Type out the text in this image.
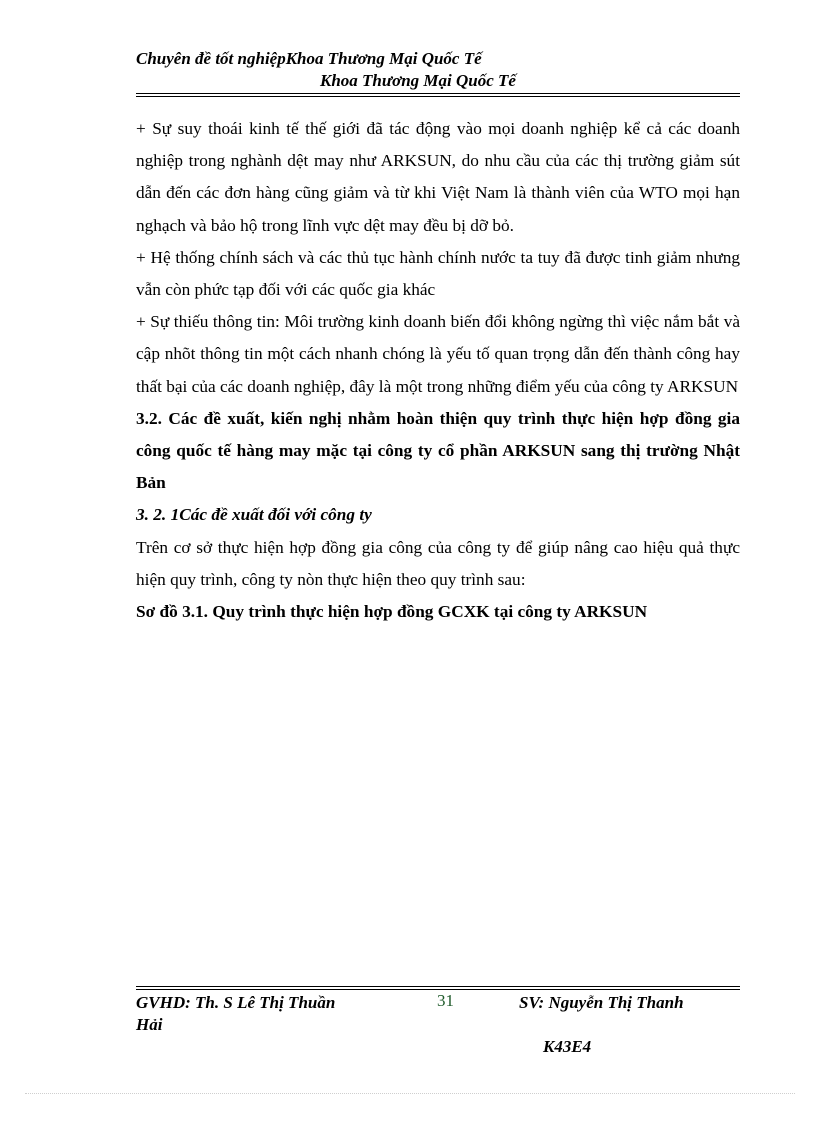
Chuyên đề tốt nghiệpKhoa Thương Mại Quốc Tế
Khoa Thương Mại Quốc Tế

+ Sự suy thoái kinh tế thế giới đã tác động vào mọi doanh nghiệp kể cả các doanh nghiệp trong nghành dệt may như ARKSUN, do nhu cầu của các thị trường giảm sút dẫn đến các đơn hàng cũng giảm và từ khi Việt Nam là thành viên của WTO mọi hạn nghạch và bảo hộ trong lĩnh vực dệt may đều bị dỡ bỏ.

+ Hệ thống chính sách và các thủ tục hành chính nước ta tuy đã được tinh giảm nhưng vẫn còn phức tạp đối với các quốc gia khác

+ Sự thiếu thông tin: Môi trường kinh doanh biến đổi không ngừng thì việc nắm bắt và cập nhõt thông tin một cách nhanh chóng là yếu tố quan trọng dẫn đến thành công hay thất bại của các doanh nghiệp, đây là một trong những điểm yếu của công ty ARKSUN

3.2. Các đề xuất, kiến nghị nhằm hoàn thiện quy trình thực hiện hợp đồng gia công quốc tế hàng may mặc tại công ty cổ phần ARKSUN sang thị trường Nhật Bản

3. 2. 1Các đề xuất đối với công ty

Trên cơ sở thực hiện hợp đồng gia công của công ty để giúp nâng cao hiệu quả thực hiện quy trình, công ty nòn thực hiện theo quy trình sau:

Sơ đồ 3.1. Quy trình thực hiện hợp đồng GCXK tại công ty ARKSUN

GVHD: Th. S Lê Thị Thuần
Hải
31	SV: Nguyễn Thị Thanh
K43E4
